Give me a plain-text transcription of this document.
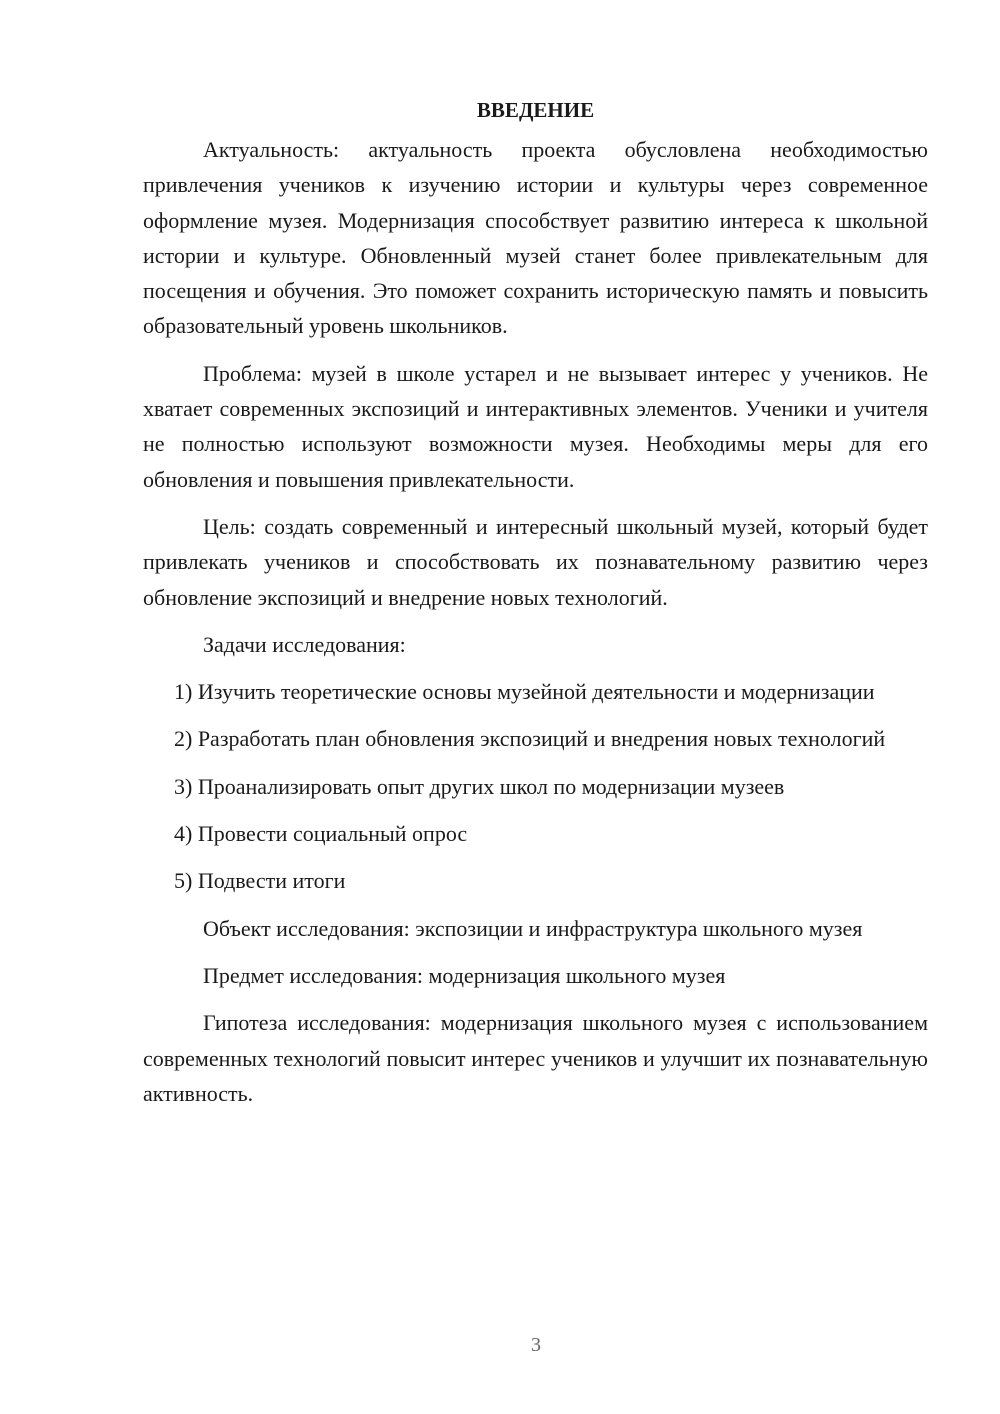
ВВЕДЕНИЕ

Актуальность: актуальность проекта обусловлена необходимостью привлечения учеников к изучению истории и культуры через современное оформление музея. Модернизация способствует развитию интереса к школьной истории и культуре. Обновленный музей станет более привлекательным для посещения и обучения. Это поможет сохранить историческую память и повысить образовательный уровень школьников.

Проблема: музей в школе устарел и не вызывает интерес у учеников. Не хватает современных экспозиций и интерактивных элементов. Ученики и учителя не полностью используют возможности музея. Необходимы меры для его обновления и повышения привлекательности.

Цель: создать современный и интересный школьный музей, который будет привлекать учеников и способствовать их познавательному развитию через обновление экспозиций и внедрение новых технологий.

Задачи исследования:

1) Изучить теоретические основы музейной деятельности и модернизации

2) Разработать план обновления экспозиций и внедрения новых технологий

3) Проанализировать опыт других школ по модернизации музеев

4) Провести социальный опрос

5) Подвести итоги

Объект исследования: экспозиции и инфраструктура школьного музея

Предмет исследования: модернизация школьного музея

Гипотеза исследования: модернизация школьного музея с использованием современных технологий повысит интерес учеников и улучшит их познавательную активность.

3
